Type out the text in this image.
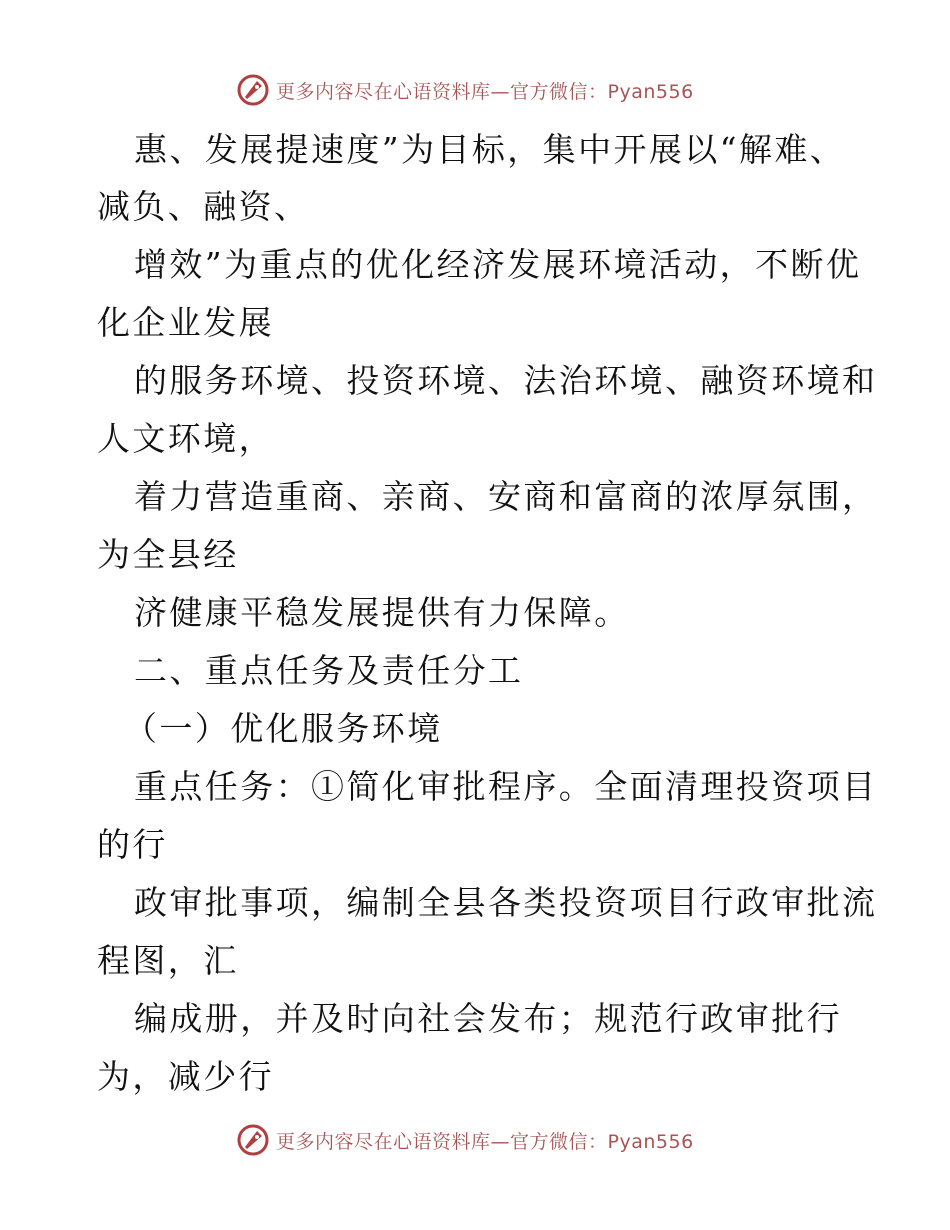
更多内容尽在心语资料库—官方微信：Pyan556
惠、发展提速度”为目标，集中开展以“解难、
减负、融资、
增效”为重点的优化经济发展环境活动，不断优
化企业发展
的服务环境、投资环境、法治环境、融资环境和
人文环境，
着力营造重商、亲商、安商和富商的浓厚氛围，
为全县经
济健康平稳发展提供有力保障。
二、重点任务及责任分工
（一）优化服务环境
重点任务：①简化审批程序。全面清理投资项目
的行
政审批事项，编制全县各类投资项目行政审批流
程图，汇
编成册，并及时向社会发布；规范行政审批行
为，减少行
更多内容尽在心语资料库—官方微信：Pyan556
